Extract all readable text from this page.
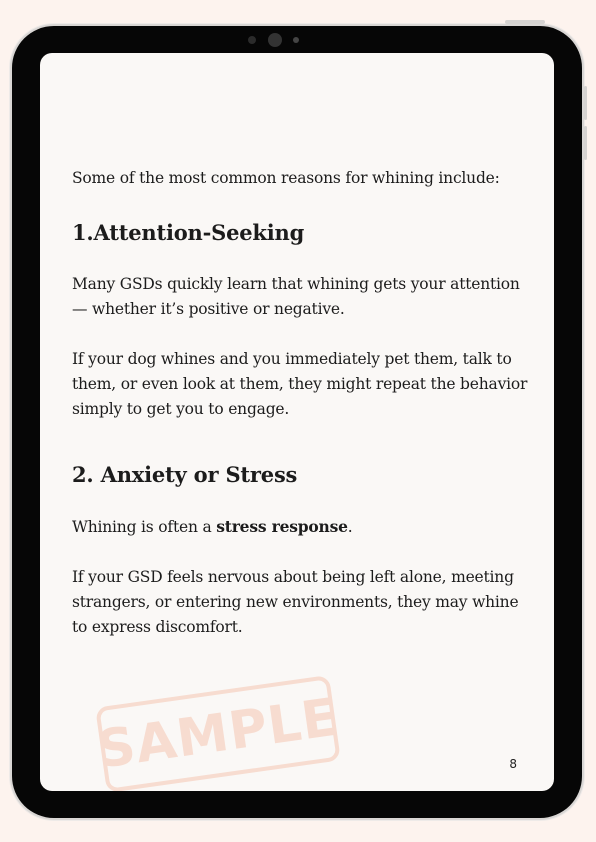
Some of the most common reasons for whining include:

1.Attention-Seeking

Many GSDs quickly learn that whining gets your attention — whether it’s positive or negative.

If your dog whines and you immediately pet them, talk to them, or even look at them, they might repeat the behavior simply to get you to engage.

2. Anxiety or Stress

Whining is often a stress response.

If your GSD feels nervous about being left alone, meeting strangers, or entering new environments, they may whine to express discomfort.

SAMPLE	8
